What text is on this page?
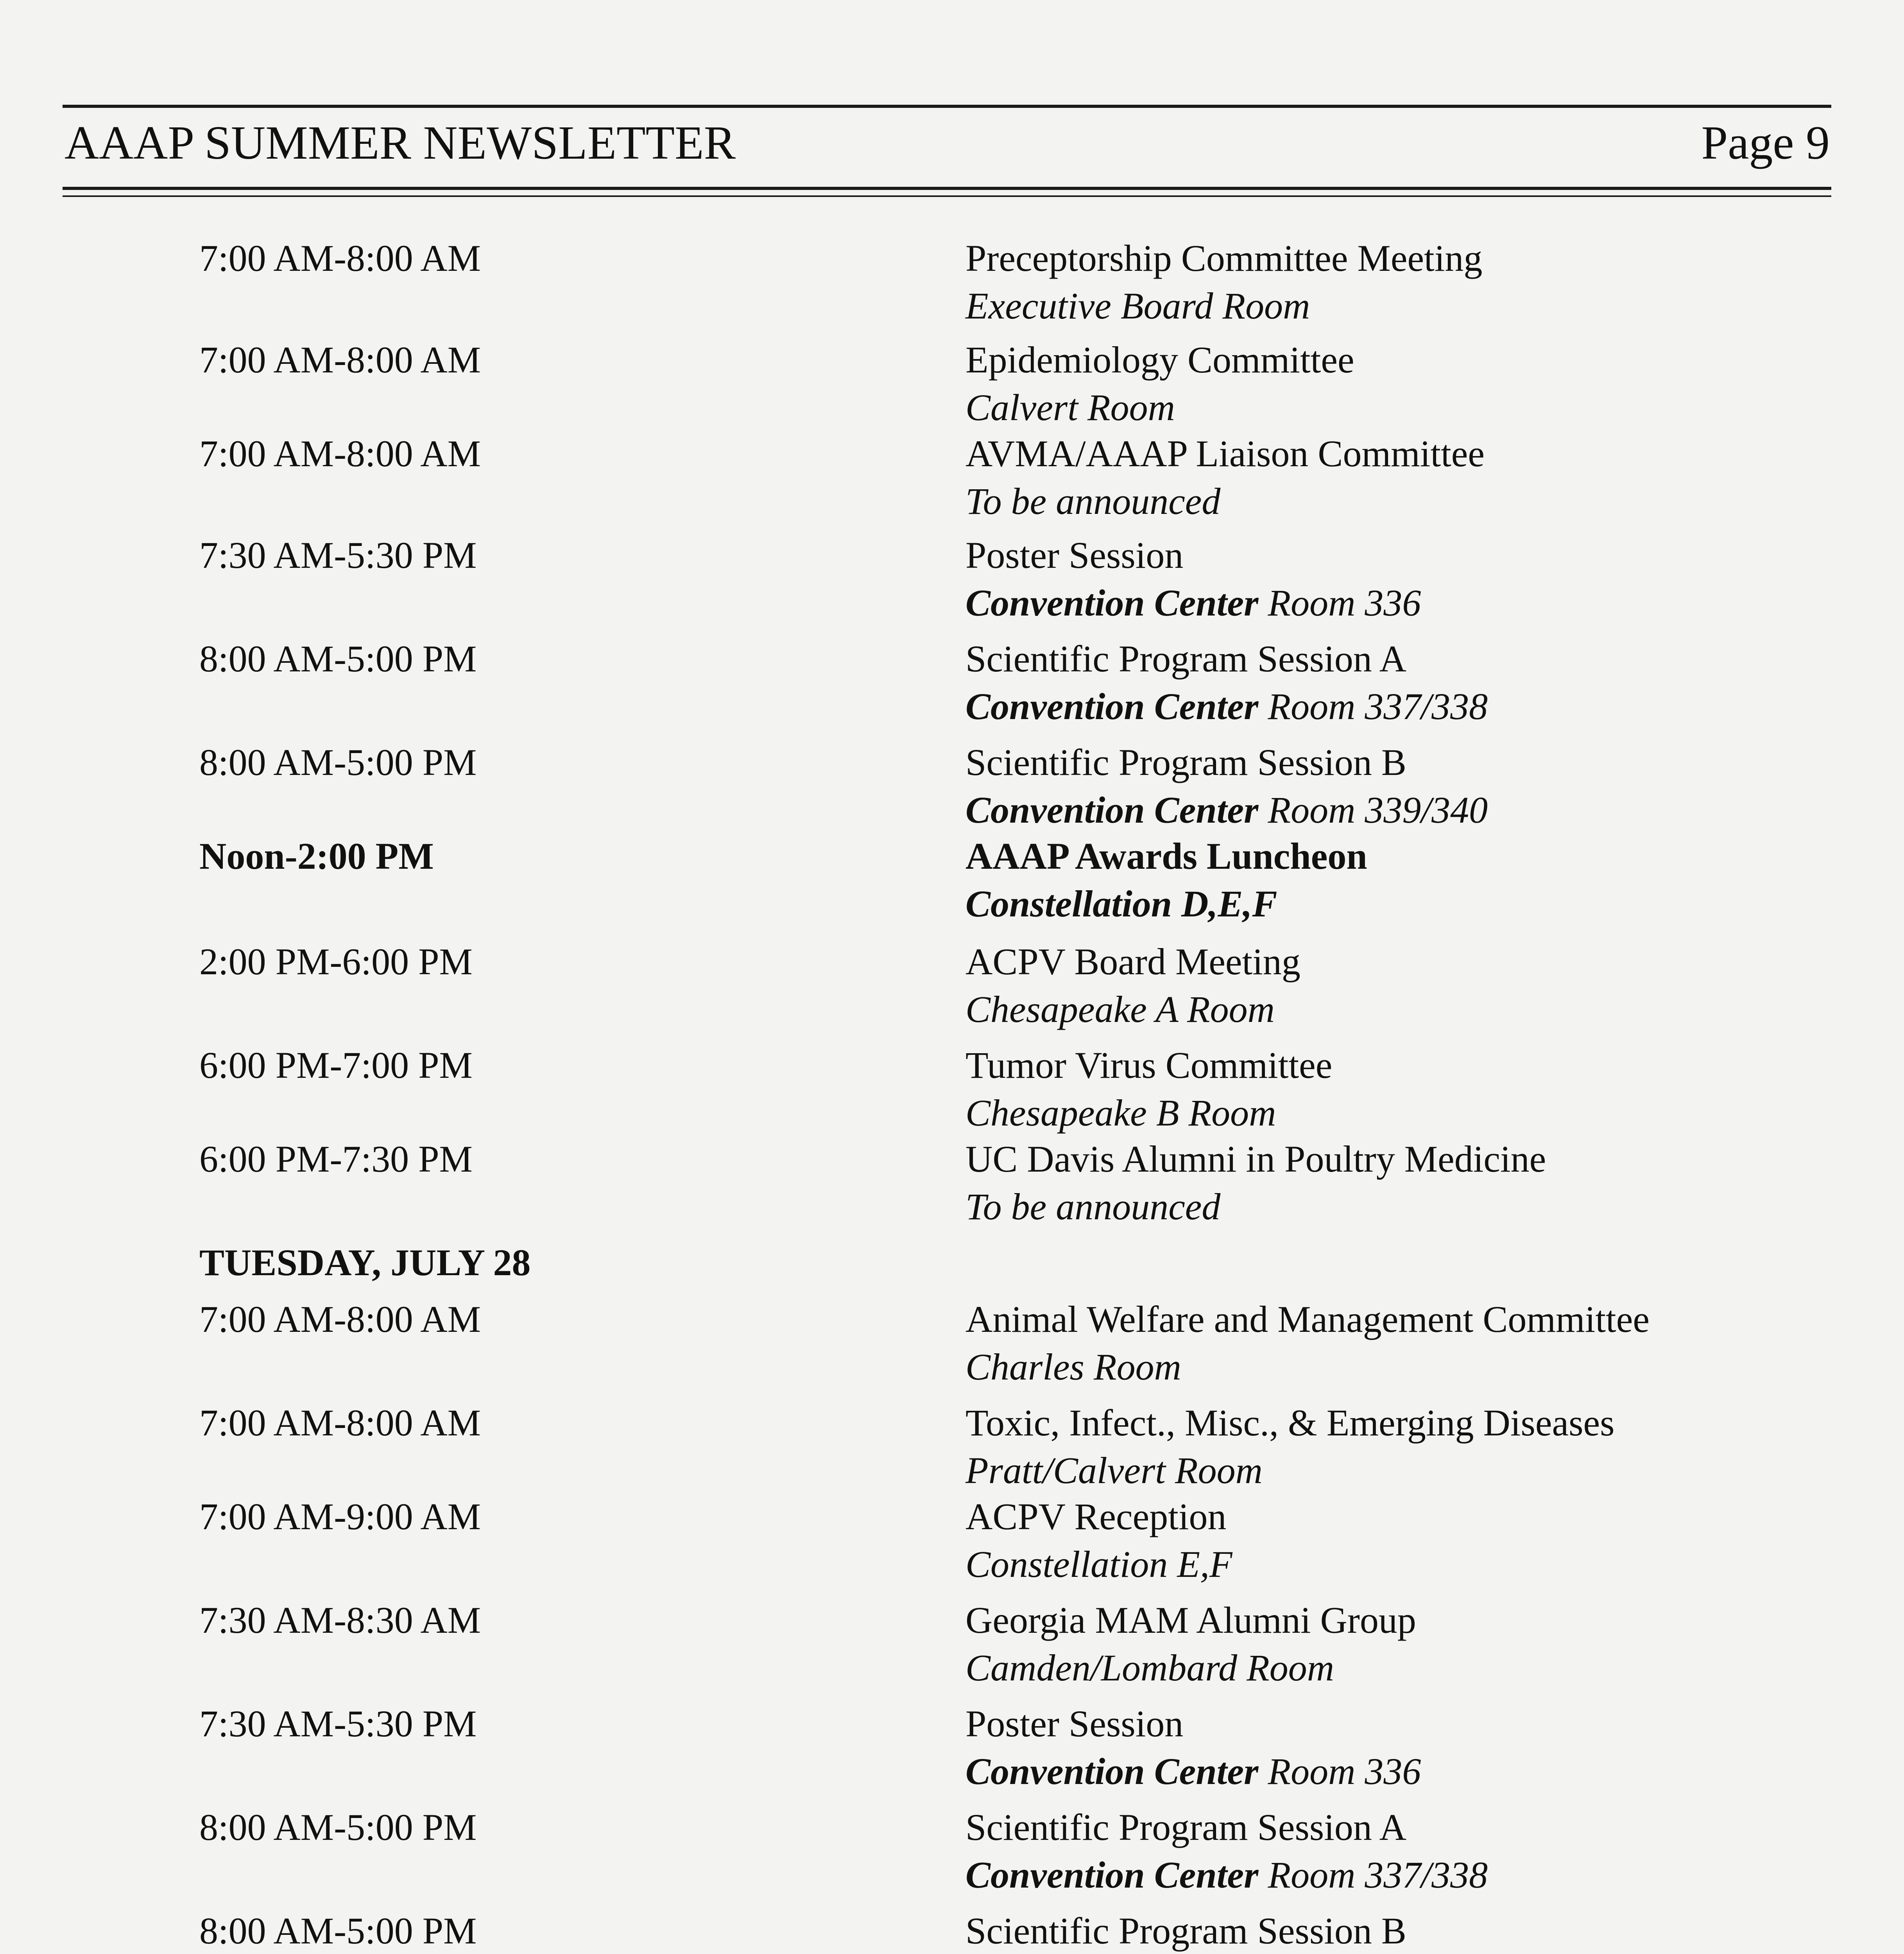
AAAP SUMMER NEWSLETTER	Page 9
7:00 AM-8:00 AM	Preceptorship Committee Meeting
Executive Board Room
7:00 AM-8:00 AM	Epidemiology Committee
Calvert Room
7:00 AM-8:00 AM	AVMA/AAAP Liaison Committee
To be announced
7:30 AM-5:30 PM	Poster Session
Convention Center Room 336
8:00 AM-5:00 PM	Scientific Program Session A
Convention Center Room 337/338
8:00 AM-5:00 PM	Scientific Program Session B
Convention Center Room 339/340
Noon-2:00 PM	AAAP Awards Luncheon
Constellation D,E,F
2:00 PM-6:00 PM	ACPV Board Meeting
Chesapeake A Room
6:00 PM-7:00 PM	Tumor Virus Committee
Chesapeake B Room
6:00 PM-7:30 PM	UC Davis Alumni in Poultry Medicine
To be announced
TUESDAY, JULY 28
7:00 AM-8:00 AM	Animal Welfare and Management Committee
Charles Room
7:00 AM-8:00 AM	Toxic, Infect., Misc., & Emerging Diseases
Pratt/Calvert Room
7:00 AM-9:00 AM	ACPV Reception
Constellation E,F
7:30 AM-8:30 AM	Georgia MAM Alumni Group
Camden/Lombard Room
7:30 AM-5:30 PM	Poster Session
Convention Center Room 336
8:00 AM-5:00 PM	Scientific Program Session A
Convention Center Room 337/338
8:00 AM-5:00 PM	Scientific Program Session B
